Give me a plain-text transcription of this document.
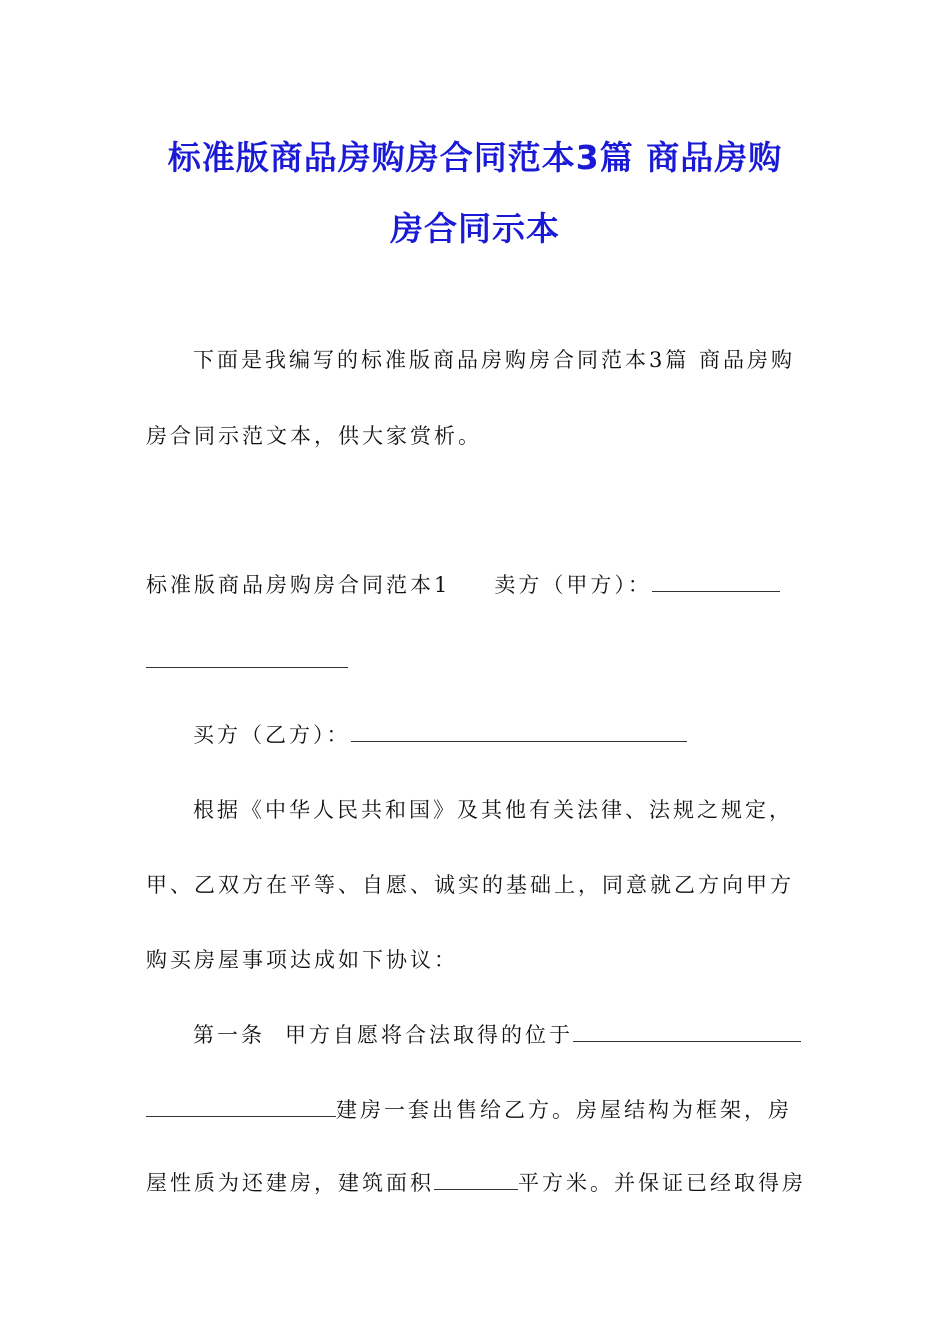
标准版商品房购房合同范本3篇 商品房购
房合同示本

下面是我编写的标准版商品房购房合同范本3篇 商品房购

房合同示范文本，供大家赏析。

标准版商品房购房合同范本1 卖方（甲方）：

买方（乙方）：

根据《中华人民共和国》及其他有关法律、法规之规定，

甲、乙双方在平等、自愿、诚实的基础上，同意就乙方向甲方

购买房屋事项达成如下协议：

第一条 甲方自愿将合法取得的位于

建房一套出售给乙方。房屋结构为框架，房

屋性质为还建房，建筑面积	平方米。并保证已经取得房
